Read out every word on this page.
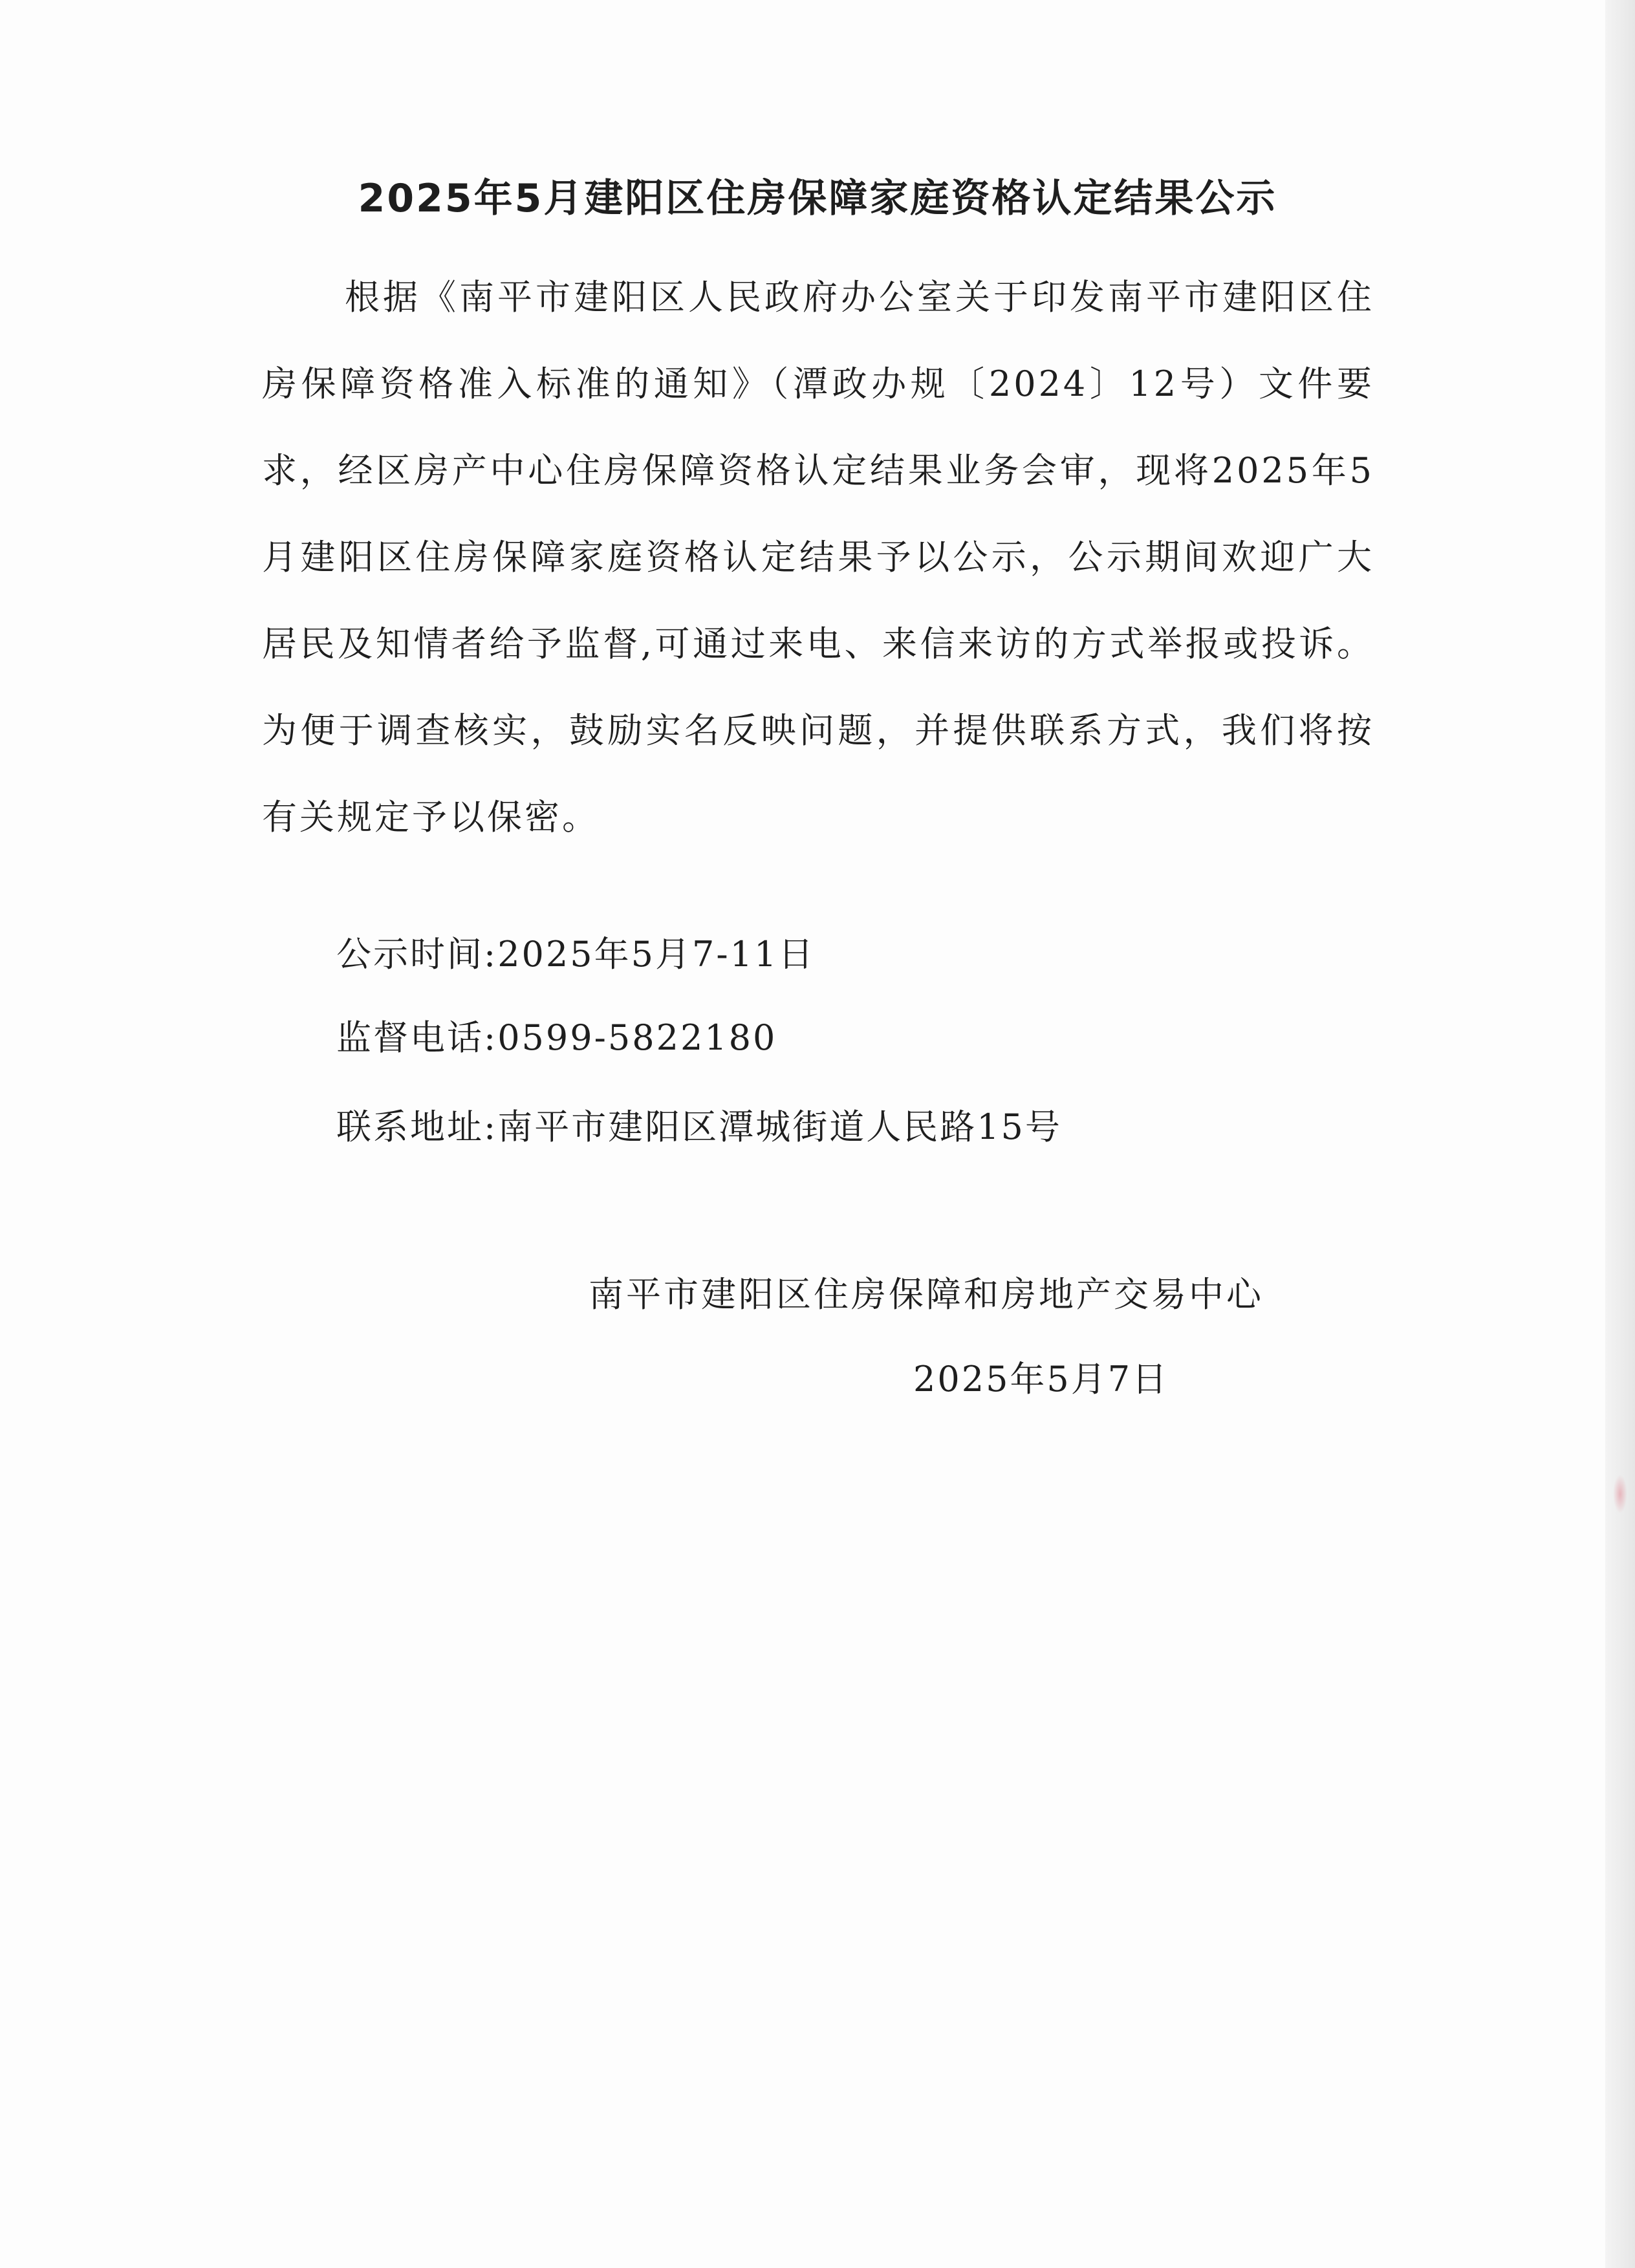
2025年5月建阳区住房保障家庭资格认定结果公示

根据《南平市建阳区人民政府办公室关于印发南平市建阳区住房保障资格准入标准的通知》（潭政办规〔2024〕12号）文件要求，经区房产中心住房保障资格认定结果业务会审，现将2025年5月建阳区住房保障家庭资格认定结果予以公示，公示期间欢迎广大居民及知情者给予监督,可通过来电、来信来访的方式举报或投诉。为便于调查核实，鼓励实名反映问题，并提供联系方式，我们将按有关规定予以保密。

公示时间:2025年5月7-11日
监督电话:0599-5822180
联系地址:南平市建阳区潭城街道人民路15号
南平市建阳区住房保障和房地产交易中心
2025年5月7日
